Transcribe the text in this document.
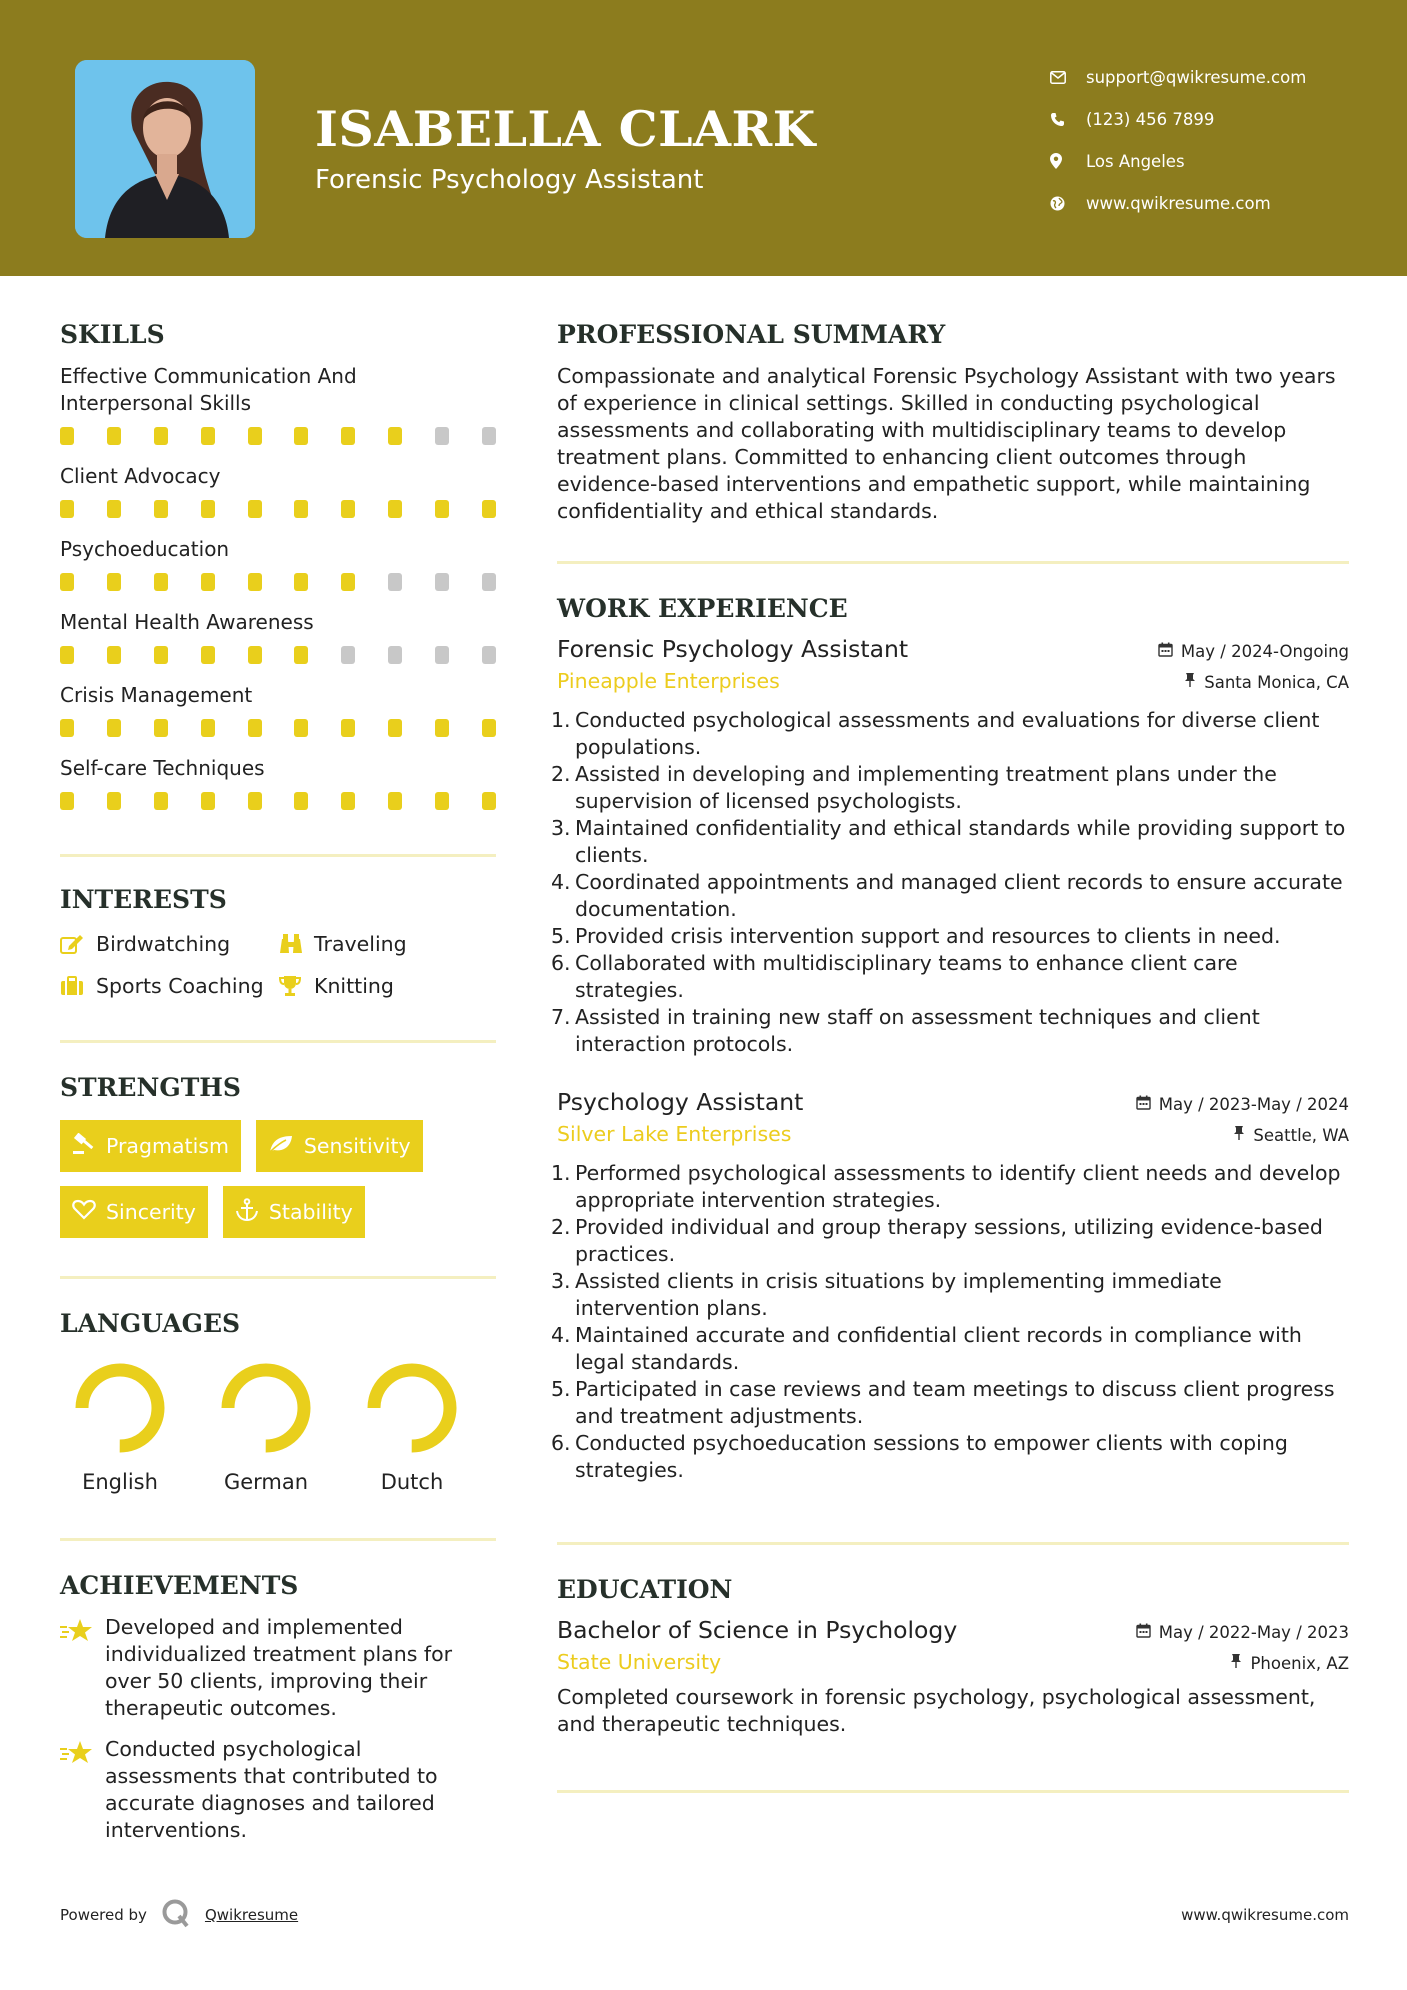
ISABELLA CLARK
Forensic Psychology Assistant
support@qwikresume.com
(123) 456 7899
Los Angeles
www.qwikresume.com
SKILLS
Effective Communication And Interpersonal Skills
Client Advocacy
Psychoeducation
Mental Health Awareness
Crisis Management
Self-care Techniques
INTERESTS
Birdwatching	Traveling
Sports Coaching Knitting
STRENGTHS
Pragmatism	Sensitivity
Sincerity	Stability
LANGUAGES
English	German	Dutch
ACHIEVEMENTS
Developed and implemented individualized treatment plans for over 50 clients, improving their therapeutic outcomes.
Conducted psychological assessments that contributed to accurate diagnoses and tailored interventions.
PROFESSIONAL SUMMARY
Compassionate and analytical Forensic Psychology Assistant with two years of experience in clinical settings. Skilled in conducting psychological assessments and collaborating with multidisciplinary teams to develop treatment plans. Committed to enhancing client outcomes through evidence-based interventions and empathetic support, while maintaining confidentiality and ethical standards.
WORK EXPERIENCE
Forensic Psychology Assistant	May / 2024-Ongoing
Pineapple Enterprises	Santa Monica, CA
1. Conducted psychological assessments and evaluations for diverse client populations.
2. Assisted in developing and implementing treatment plans under the supervision of licensed psychologists.
3. Maintained confidentiality and ethical standards while providing support to clients.
4. Coordinated appointments and managed client records to ensure accurate documentation.
5. Provided crisis intervention support and resources to clients in need.
6. Collaborated with multidisciplinary teams to enhance client care strategies.
7. Assisted in training new staff on assessment techniques and client interaction protocols.
Psychology Assistant	May / 2023-May / 2024
Silver Lake Enterprises	Seattle, WA
1. Performed psychological assessments to identify client needs and develop appropriate intervention strategies.
2. Provided individual and group therapy sessions, utilizing evidence-based practices.
3. Assisted clients in crisis situations by implementing immediate intervention plans.
4. Maintained accurate and confidential client records in compliance with legal standards.
5. Participated in case reviews and team meetings to discuss client progress and treatment adjustments.
6. Conducted psychoeducation sessions to empower clients with coping strategies.
EDUCATION
Bachelor of Science in Psychology	May / 2022-May / 2023
State University	Phoenix, AZ
Completed coursework in forensic psychology, psychological assessment, and therapeutic techniques.
Powered by	Qwikresume	www.qwikresume.com
